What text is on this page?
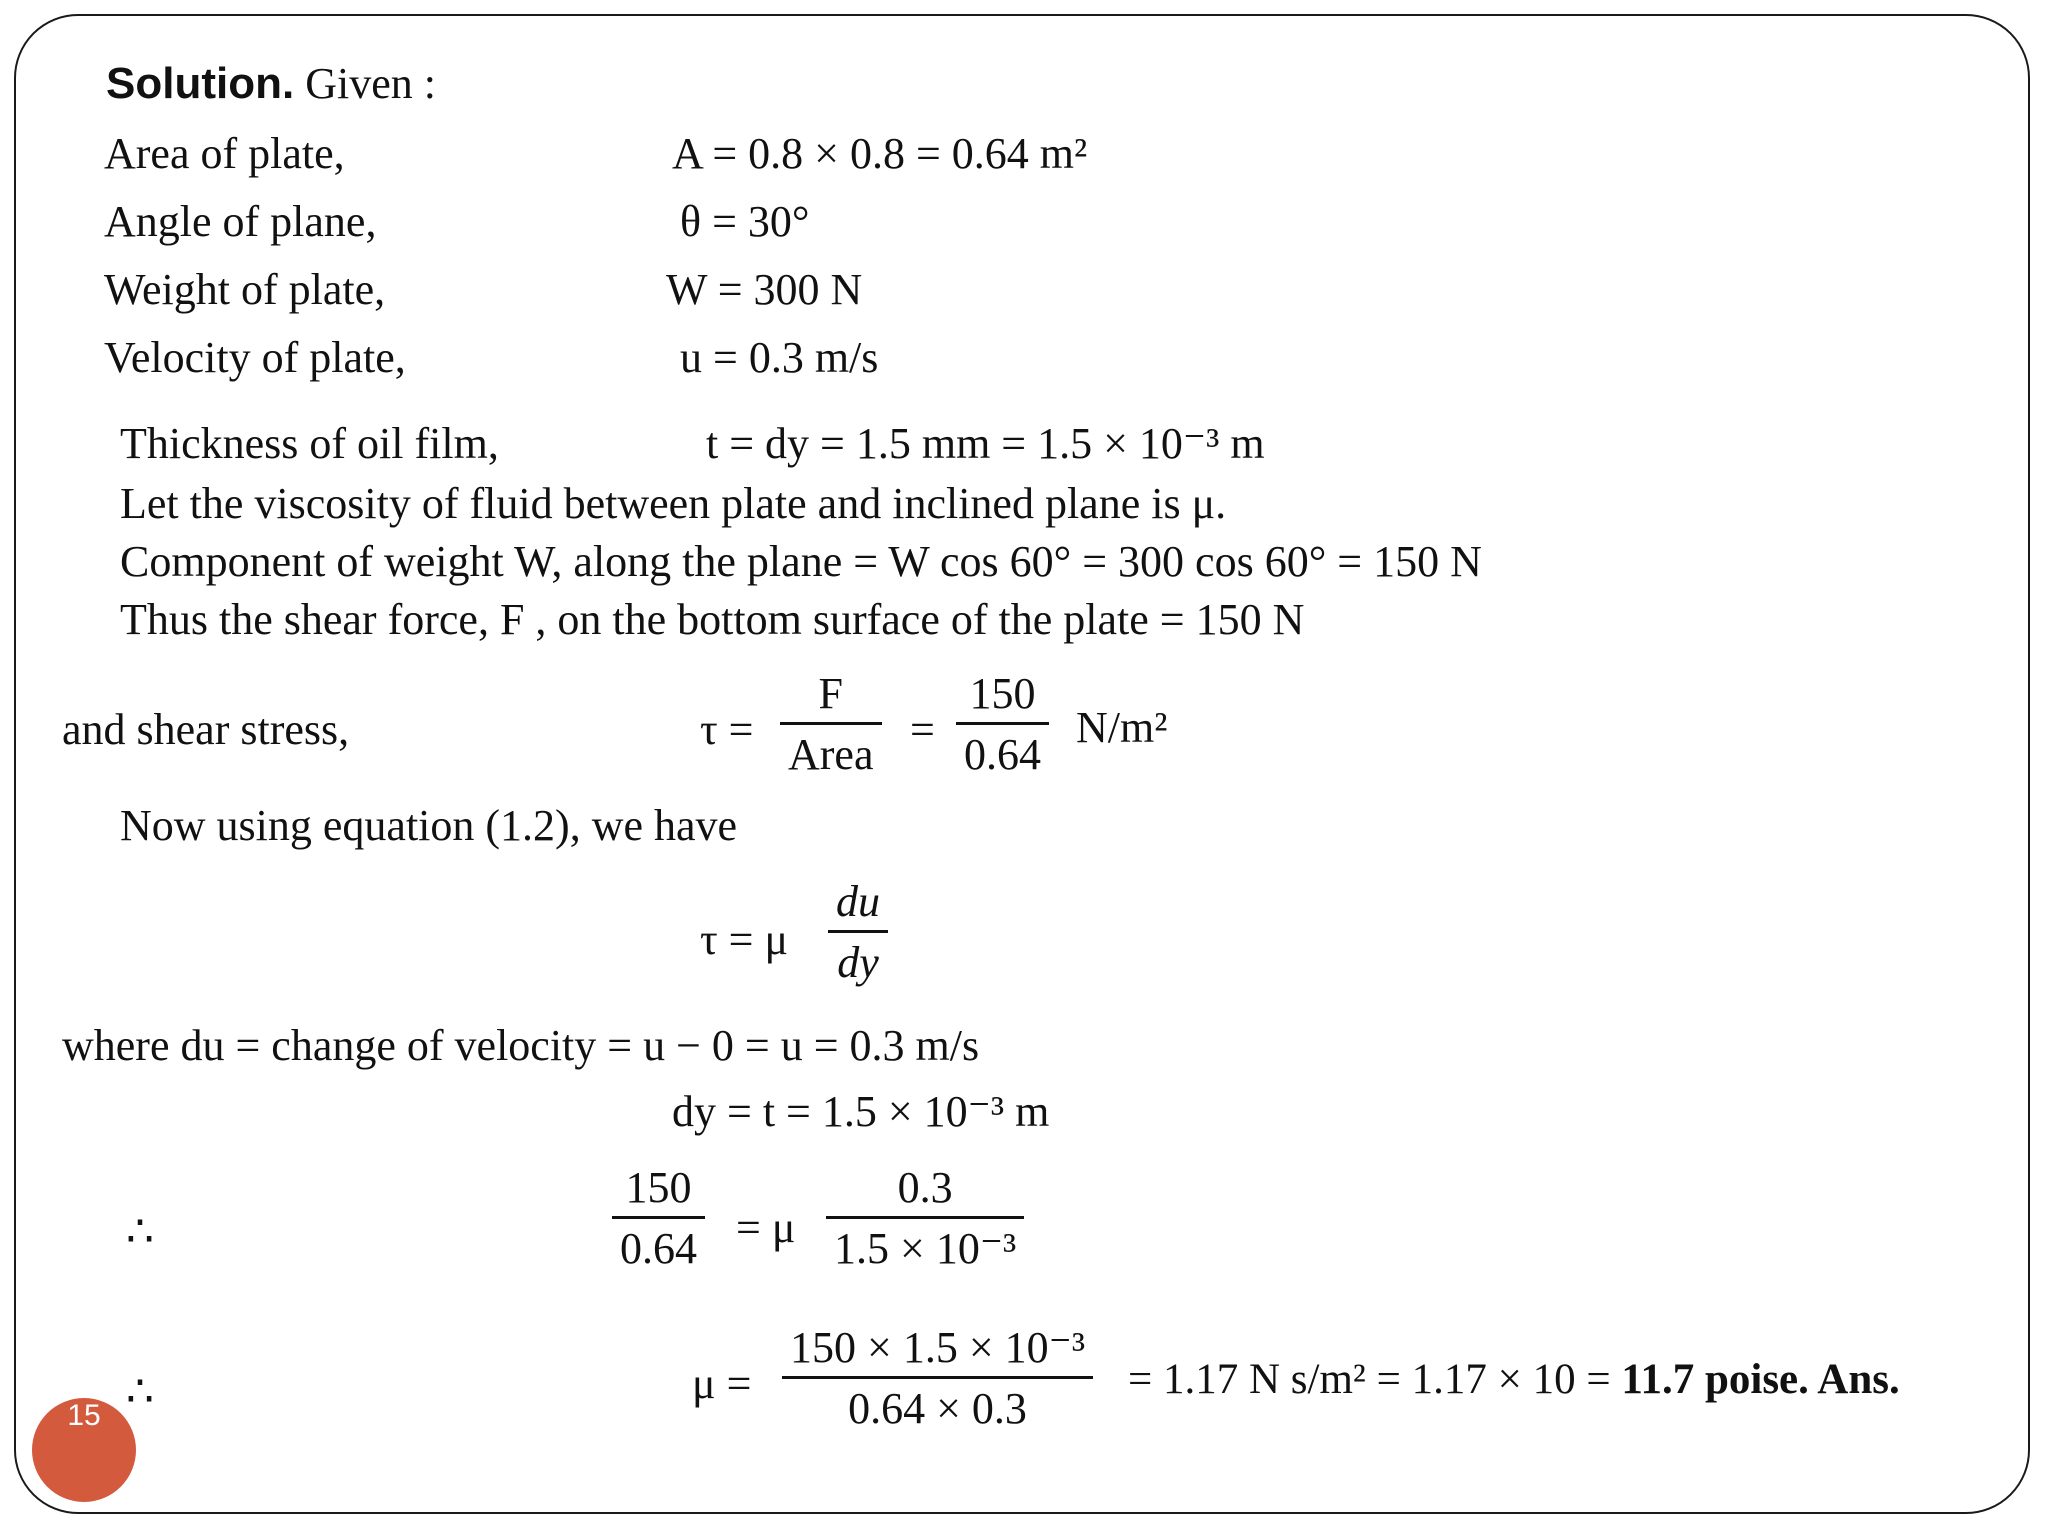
Solution. Given :
Area of plate,	A = 0.8 × 0.8 = 0.64 m²
Angle of plane,	θ = 30°
Weight of plate,	W = 300 N
Velocity of plate,	u = 0.3 m/s
Thickness of oil film,	t = dy = 1.5 mm = 1.5 × 10⁻³ m
Let the viscosity of fluid between plate and inclined plane is μ.
Component of weight W, along the plane = W cos 60° = 300 cos 60° = 150 N
Thus the shear force, F , on the bottom surface of the plate = 150 N
and shear stress,	τ =
F
Area
=
150
0.64
N/m²
Now using equation (1.2), we have
τ = μ
du
dy
where du = change of velocity = u − 0 = u = 0.3 m/s
dy = t = 1.5 × 10⁻³ m
∴
150
0.64 = μ
0.3
1.5 × 10⁻³
∴	μ =
150 × 1.5 × 10⁻³
0.64 × 0.3
= 1.17 N s/m² = 1.17 × 10 = 11.7 poise. Ans.
15
